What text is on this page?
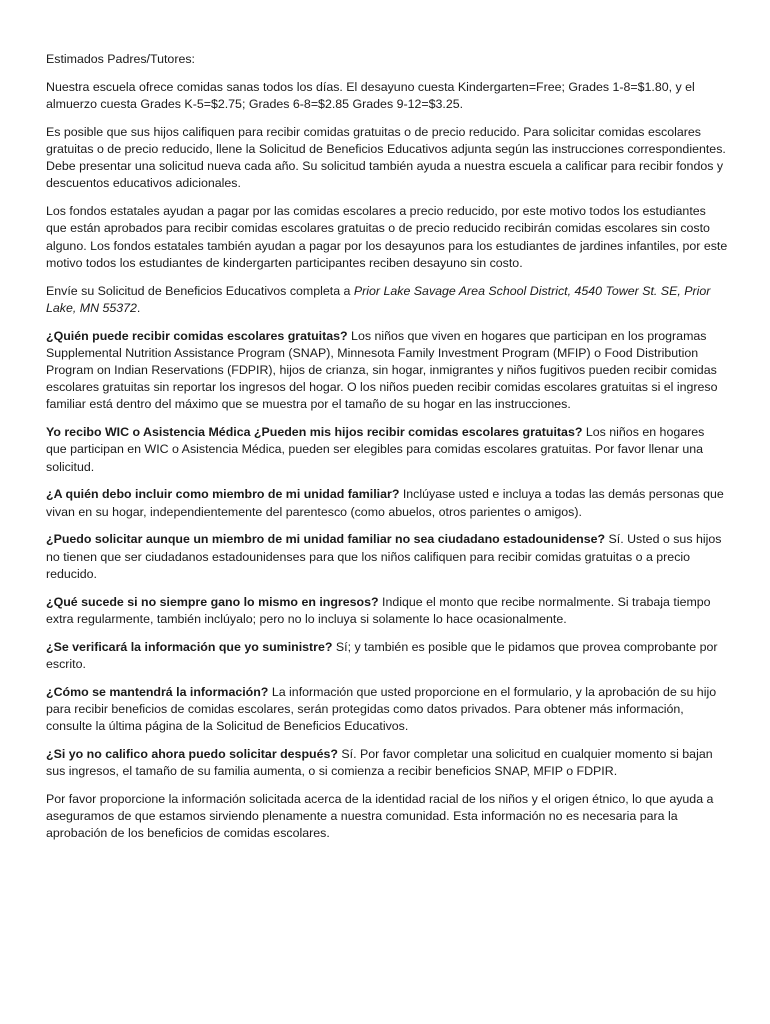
Estimados Padres/Tutores:

Nuestra escuela ofrece comidas sanas todos los días. El desayuno cuesta Kindergarten=Free; Grades 1-8=$1.80, y el almuerzo cuesta Grades K-5=$2.75; Grades 6-8=$2.85 Grades 9-12=$3.25.

Es posible que sus hijos califiquen para recibir comidas gratuitas o de precio reducido. Para solicitar comidas escolares gratuitas o de precio reducido, llene la Solicitud de Beneficios Educativos adjunta según las instrucciones correspondientes. Debe presentar una solicitud nueva cada año. Su solicitud también ayuda a nuestra escuela a calificar para recibir fondos y descuentos educativos adicionales.

Los fondos estatales ayudan a pagar por las comidas escolares a precio reducido, por este motivo todos los estudiantes que están aprobados para recibir comidas escolares gratuitas o de precio reducido recibirán comidas escolares sin costo alguno. Los fondos estatales también ayudan a pagar por los desayunos para los estudiantes de jardines infantiles, por este motivo todos los estudiantes de kindergarten participantes reciben desayuno sin costo.

Envíe su Solicitud de Beneficios Educativos completa a Prior Lake Savage Area School District, 4540 Tower St. SE, Prior Lake, MN 55372.

¿Quién puede recibir comidas escolares gratuitas? Los niños que viven en hogares que participan en los programas Supplemental Nutrition Assistance Program (SNAP), Minnesota Family Investment Program (MFIP) o Food Distribution Program on Indian Reservations (FDPIR), hijos de crianza, sin hogar, inmigrantes y niños fugitivos pueden recibir comidas escolares gratuitas sin reportar los ingresos del hogar. O los niños pueden recibir comidas escolares gratuitas si el ingreso familiar está dentro del máximo que se muestra por el tamaño de su hogar en las instrucciones.

Yo recibo WIC o Asistencia Médica ¿Pueden mis hijos recibir comidas escolares gratuitas? Los niños en hogares que participan en WIC o Asistencia Médica, pueden ser elegibles para comidas escolares gratuitas. Por favor llenar una solicitud.

¿A quién debo incluir como miembro de mi unidad familiar? Inclúyase usted e incluya a todas las demás personas que vivan en su hogar, independientemente del parentesco (como abuelos, otros parientes o amigos).

¿Puedo solicitar aunque un miembro de mi unidad familiar no sea ciudadano estadounidense? Sí. Usted o sus hijos no tienen que ser ciudadanos estadounidenses para que los niños califiquen para recibir comidas gratuitas o a precio reducido.

¿Qué sucede si no siempre gano lo mismo en ingresos? Indique el monto que recibe normalmente. Si trabaja tiempo extra regularmente, también inclúyalo; pero no lo incluya si solamente lo hace ocasionalmente.

¿Se verificará la información que yo suministre? Sí; y también es posible que le pidamos que provea comprobante por escrito.

¿Cómo se mantendrá la información? La información que usted proporcione en el formulario, y la aprobación de su hijo para recibir beneficios de comidas escolares, serán protegidas como datos privados. Para obtener más información, consulte la última página de la Solicitud de Beneficios Educativos.

¿Si yo no califico ahora puedo solicitar después? Sí. Por favor completar una solicitud en cualquier momento si bajan sus ingresos, el tamaño de su familia aumenta, o si comienza a recibir beneficios SNAP, MFIP o FDPIR.

Por favor proporcione la información solicitada acerca de la identidad racial de los niños y el origen étnico, lo que ayuda a aseguramos de que estamos sirviendo plenamente a nuestra comunidad. Esta información no es necesaria para la aprobación de los beneficios de comidas escolares.
